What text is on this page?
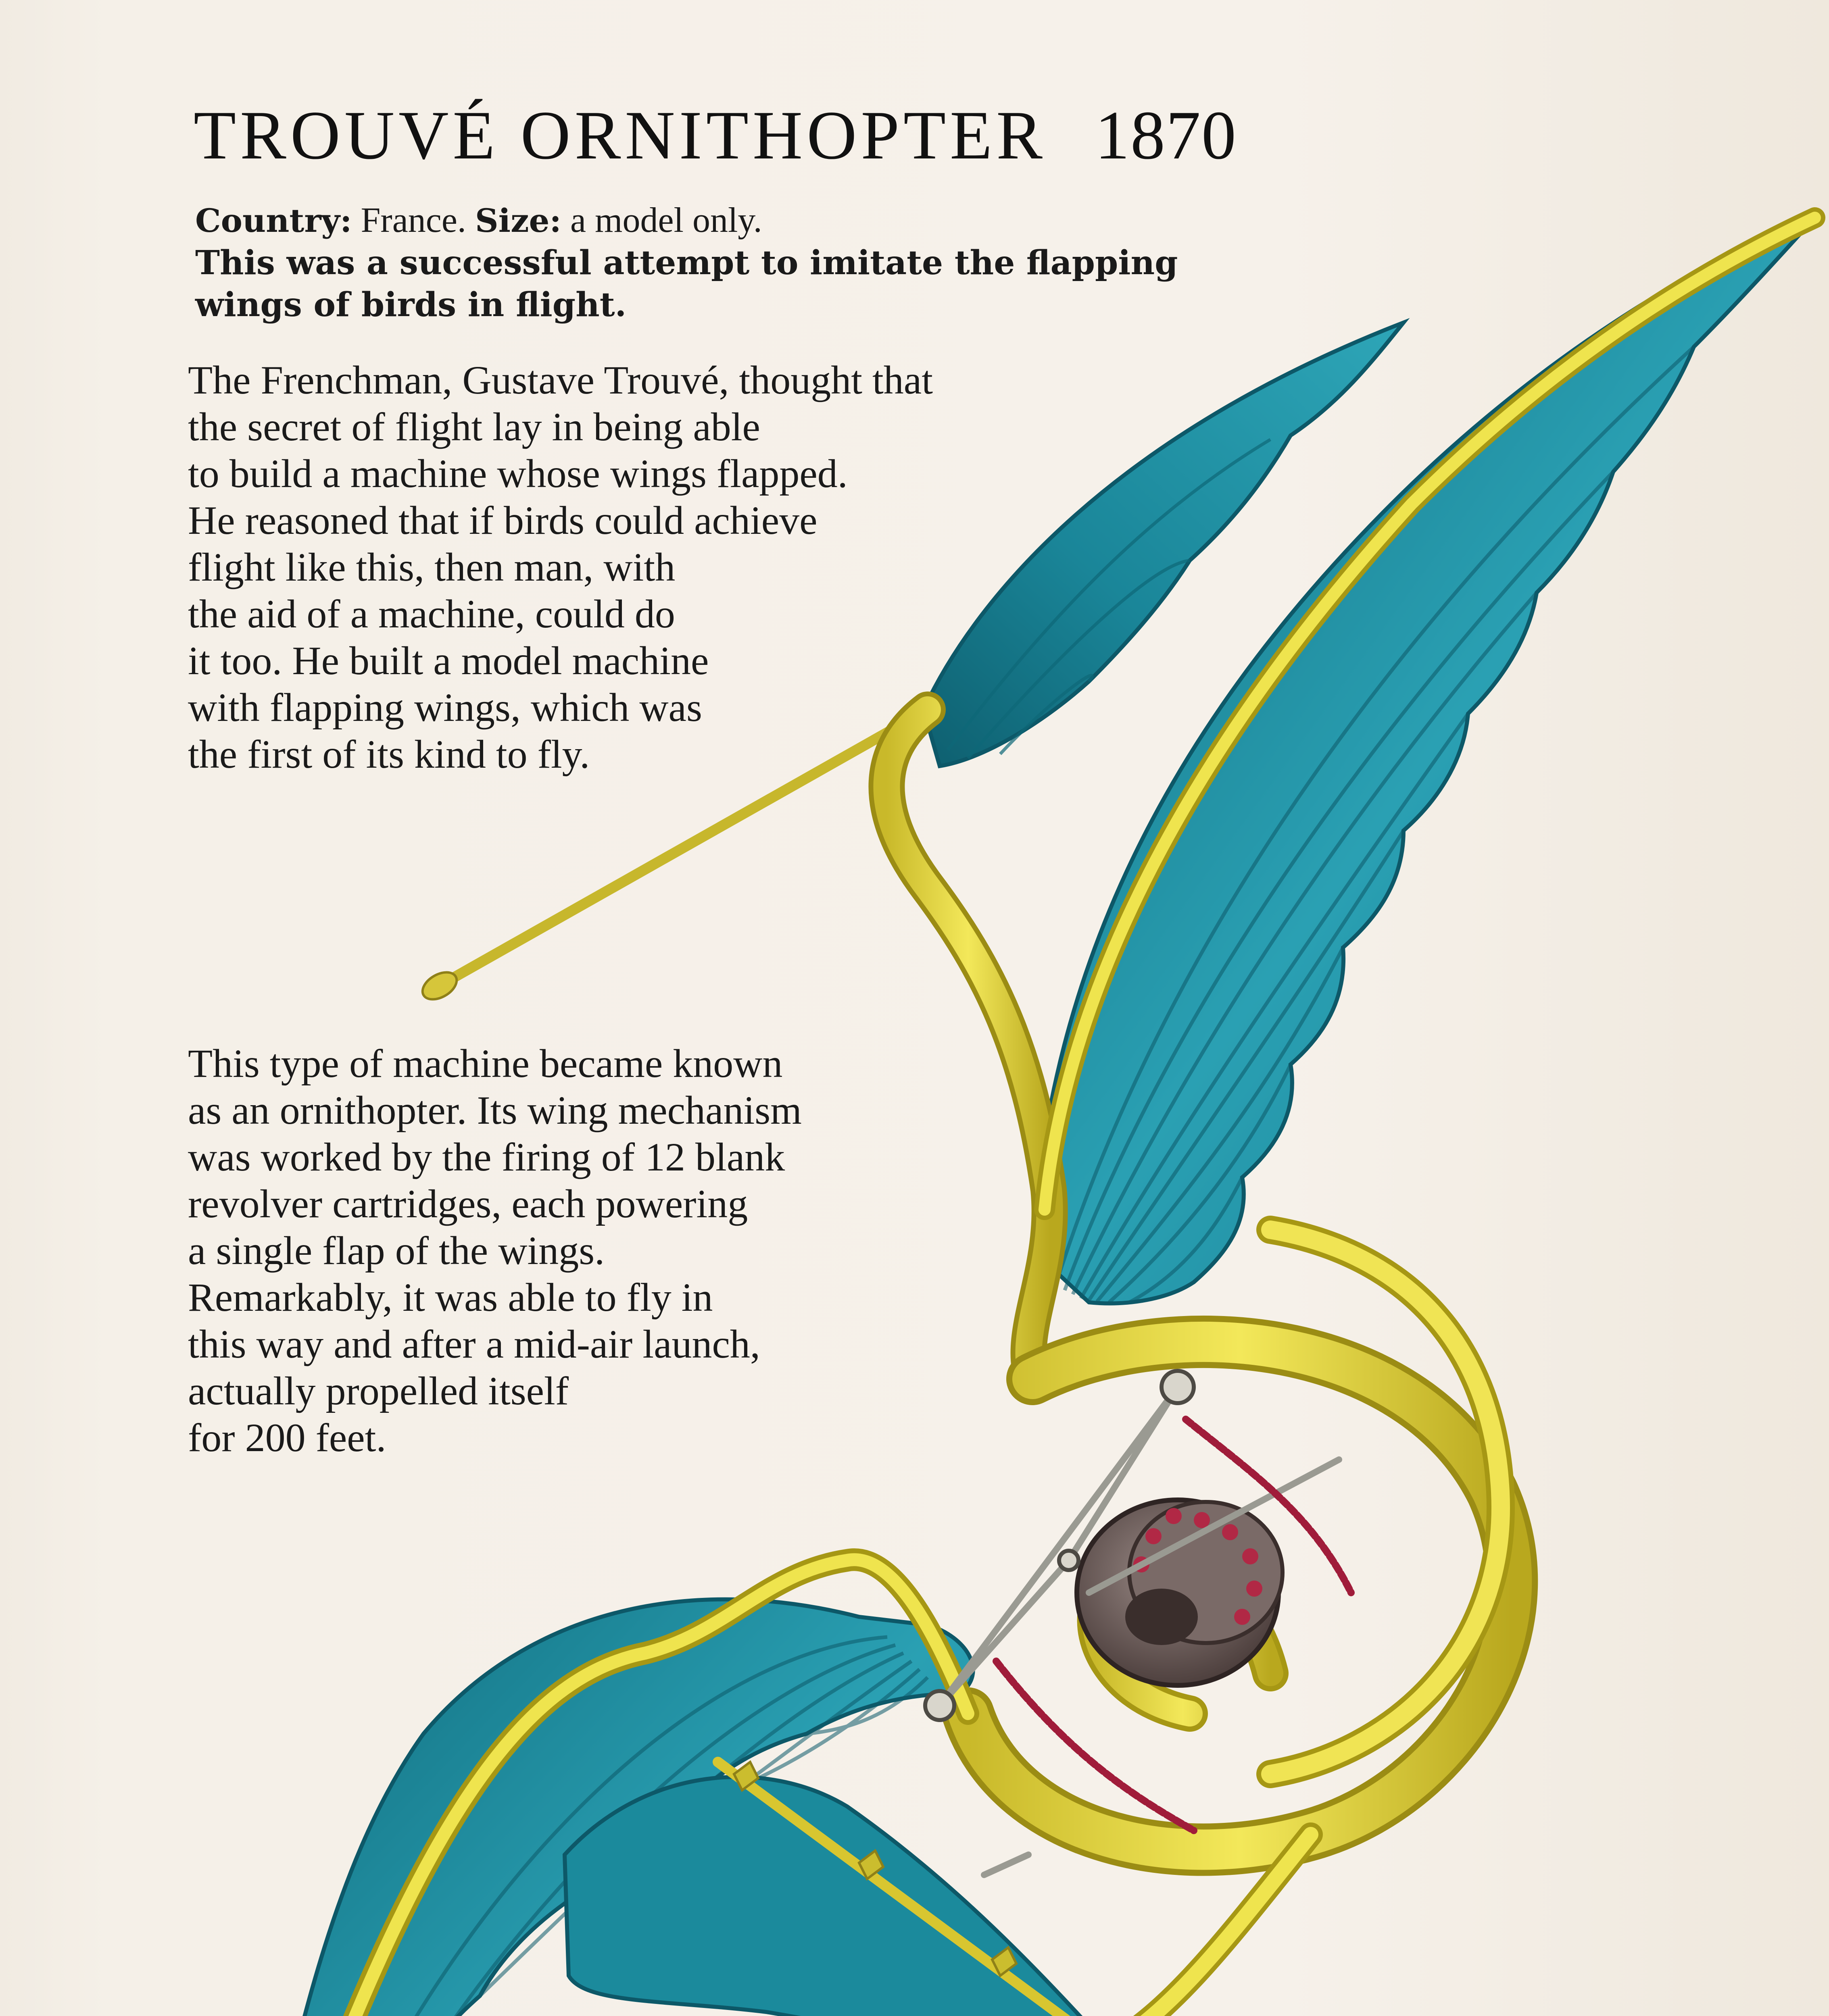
TROUVÉ ORNITHOPTER 1870
Country: France. Size: a model only.
This was a successful attempt to imitate the flapping wings of birds in flight.
The Frenchman, Gustave Trouvé, thought that
the secret of flight lay in being able
to build a machine whose wings flapped.
He reasoned that if birds could achieve
flight like this, then man, with
the aid of a machine, could do
it too. He built a model machine
with flapping wings, which was
the first of its kind to fly.
This type of machine became known
as an ornithopter. Its wing mechanism
was worked by the firing of 12 blank
revolver cartridges, each powering
a single flap of the wings.
Remarkably, it was able to fly in
this way and after a mid-air launch,
actually propelled itself
for 200 feet.
